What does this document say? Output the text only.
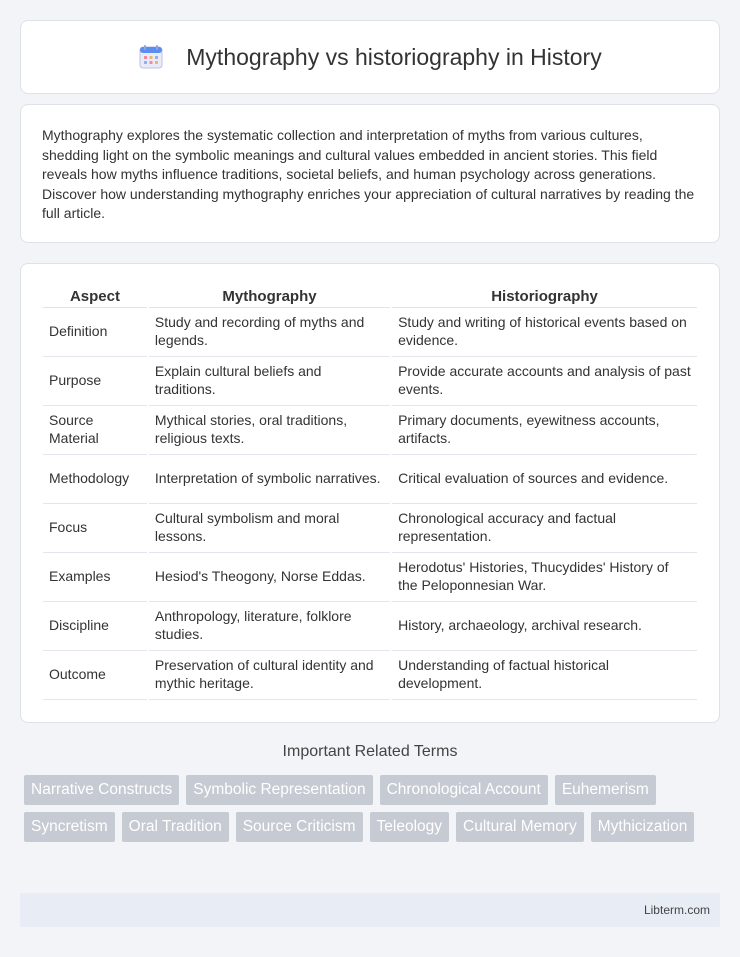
Mythography vs historiography in History

Mythography explores the systematic collection and interpretation of myths from various cultures, shedding light on the symbolic meanings and cultural values embedded in ancient stories. This field reveals how myths influence traditions, societal beliefs, and human psychology across generations. Discover how understanding mythography enriches your appreciation of cultural narratives by reading the full article.

Aspect	Mythography	Historiography
Definition	Study and recording of myths and legends.	Study and writing of historical events based on evidence.
Purpose	Explain cultural beliefs and traditions.	Provide accurate accounts and analysis of past events.
Source Material	Mythical stories, oral traditions, religious texts.	Primary documents, eyewitness accounts, artifacts.
Methodology	Interpretation of symbolic narratives.	Critical evaluation of sources and evidence.
Focus	Cultural symbolism and moral lessons.	Chronological accuracy and factual representation.
Examples	Hesiod's Theogony, Norse Eddas.	Herodotus' Histories, Thucydides' History of the Peloponnesian War.
Discipline	Anthropology, literature, folklore studies.	History, archaeology, archival research.
Outcome	Preservation of cultural identity and mythic heritage.	Understanding of factual historical development.
Important Related Terms
Narrative Constructs	Symbolic Representation	Chronological Account	Euhemerism
Syncretism	Oral Tradition	Source Criticism	Teleology	Cultural Memory	Mythicization
Libterm.com
